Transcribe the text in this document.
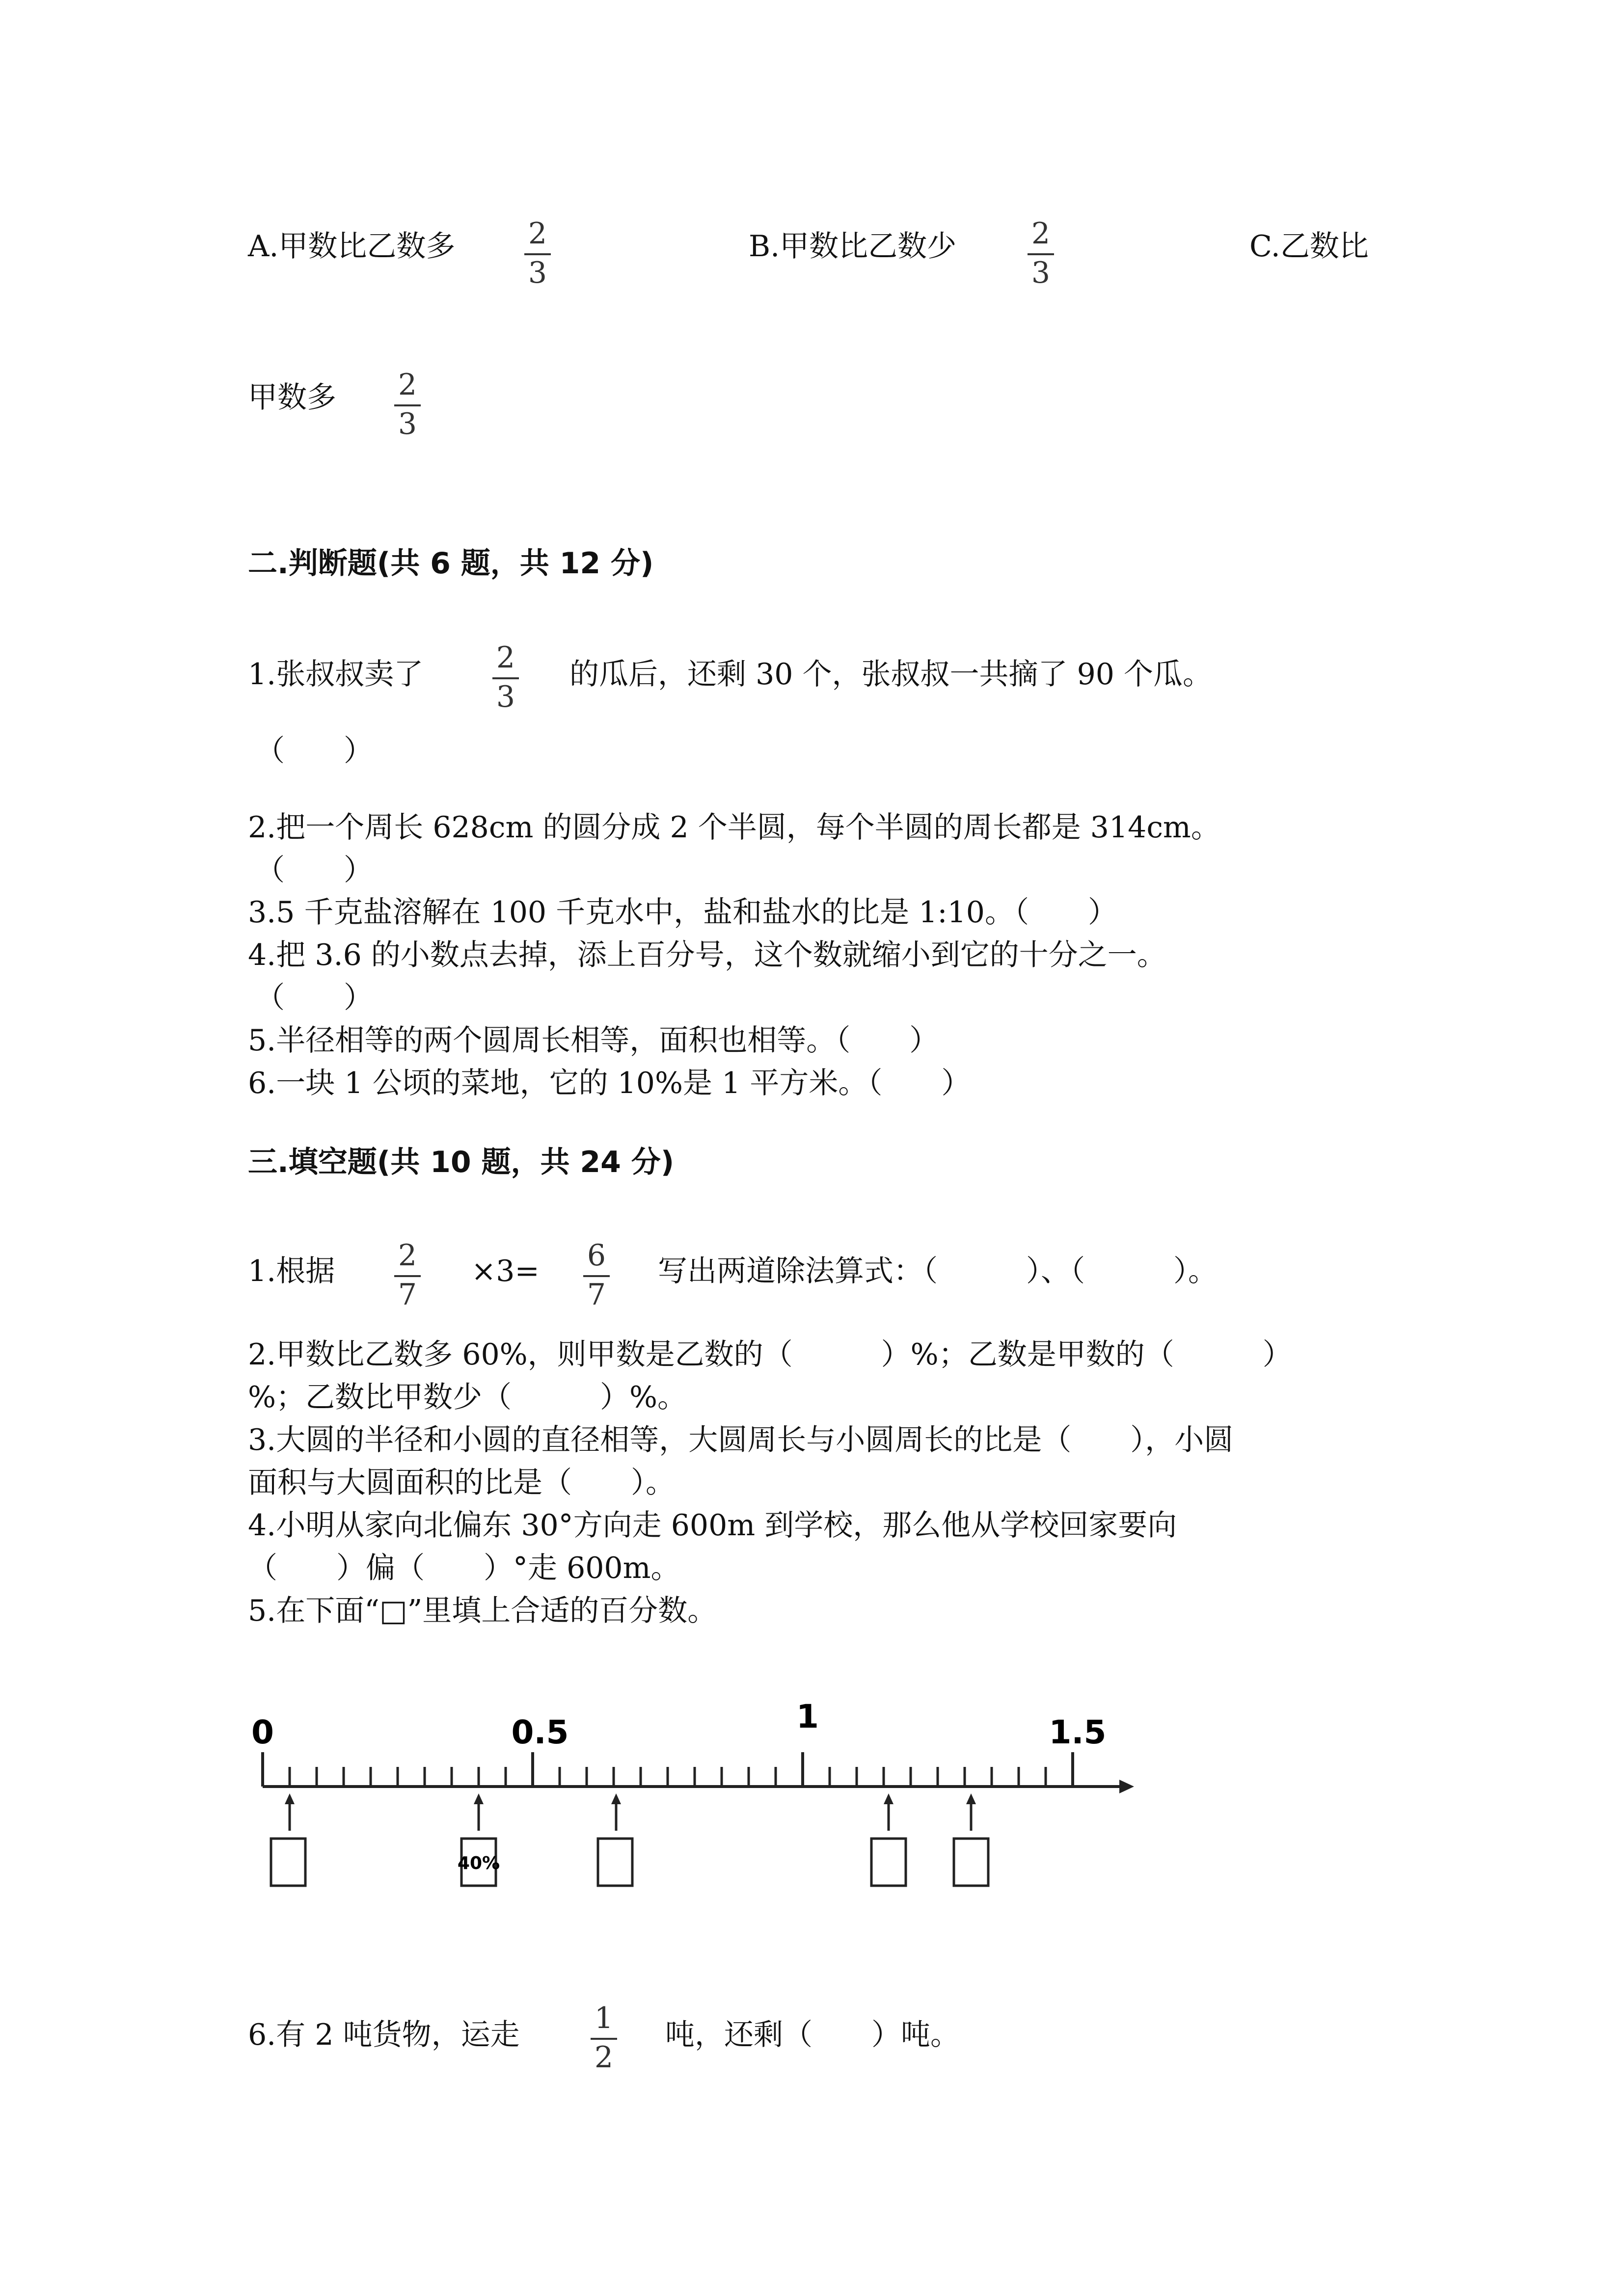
A.甲数比乙数多 2
3
B.甲数比乙数少	2
3
C.乙数比
甲数多 2
3
二.判断题(共 6 题，共 12 分)
1.张叔叔卖了 2
3
的瓜后，还剩 30 个，张叔叔一共摘了 90 个瓜。
（　　）
2.把一个周长 628cm 的圆分成 2 个半圆，每个半圆的周长都是 314cm。
（　　）
3.5 千克盐溶解在 100 千克水中，盐和盐水的比是 1:10。（　　）
4.把 3.6 的小数点去掉，添上百分号，这个数就缩小到它的十分之一。
（　　）
5.半径相等的两个圆周长相等，面积也相等。（　　）
6.一块 1 公顷的菜地，它的 10%是 1 平方米。（　　）
三.填空题(共 10 题，共 24 分)
1.根据 2
7
×3= 6
7
写出两道除法算式：（　　　）、（　　　）。
2.甲数比乙数多 60%，则甲数是乙数的（　　　）%；乙数是甲数的（　　　）
%；乙数比甲数少（　　　）%。
3.大圆的半径和小圆的直径相等，大圆周长与小圆周长的比是（　　），小圆
面积与大圆面积的比是（　　）。
4.小明从家向北偏东 30°方向走 600m 到学校，那么他从学校回家要向
（　　）偏（　　）°走 600m。
5.在下面“□”里填上合适的百分数。
0	0.5	1	1.5
40%
6.有 2 吨货物，运走	1
2
吨，还剩（　　）吨。
